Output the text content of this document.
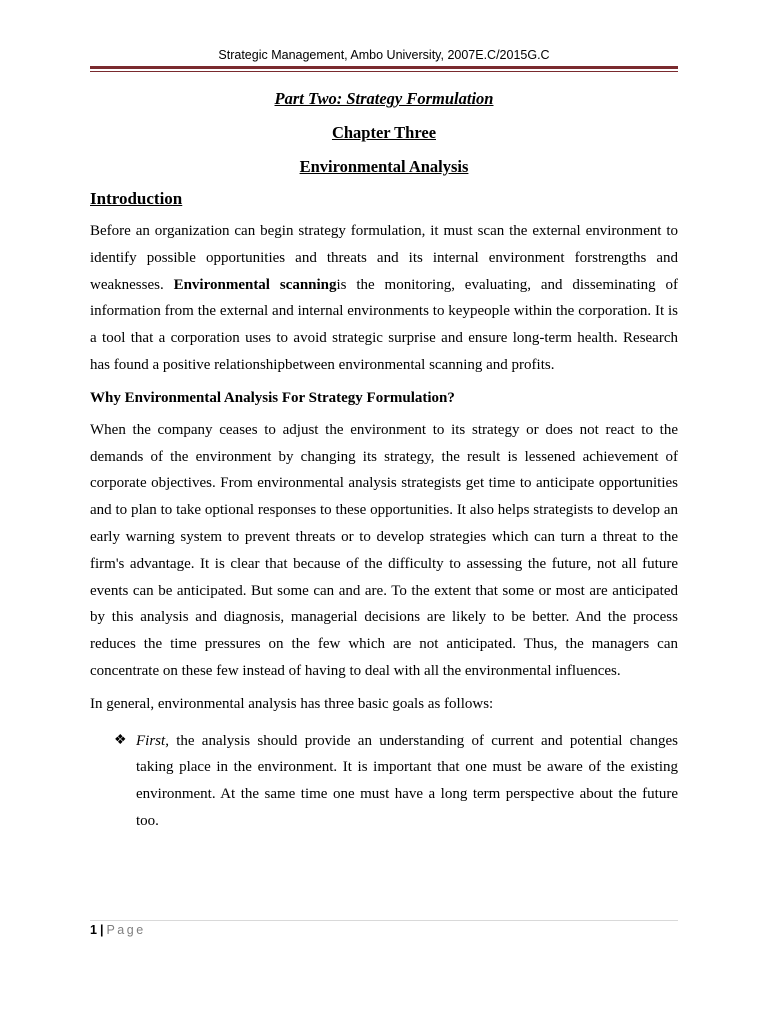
Strategic Management, Ambo University, 2007E.C/2015G.C
Part Two: Strategy Formulation
Chapter Three
Environmental Analysis
Introduction

Before an organization can begin strategy formulation, it must scan the external environment to identify possible opportunities and threats and its internal environment forstrengths and weaknesses. Environmental scanningis the monitoring, evaluating, and disseminating of information from the external and internal environments to keypeople within the corporation. It is a tool that a corporation uses to avoid strategic surprise and ensure long-term health. Research has found a positive relationshipbetween environmental scanning and profits.

Why Environmental Analysis For Strategy Formulation?

When the company ceases to adjust the environment to its strategy or does not react to the demands of the environment by changing its strategy, the result is lessened achievement of corporate objectives. From environmental analysis strategists get time to anticipate opportunities and to plan to take optional responses to these opportunities. It also helps strategists to develop an early warning system to prevent threats or to develop strategies which can turn a threat to the firm's advantage. It is clear that because of the difficulty to assessing the future, not all future events can be anticipated. But some can and are. To the extent that some or most are anticipated by this analysis and diagnosis, managerial decisions are likely to be better. And the process reduces the time pressures on the few which are not anticipated. Thus, the managers can concentrate on these few instead of having to deal with all the environmental influences.

In general, environmental analysis has three basic goals as follows:

❖ First, the analysis should provide an understanding of current and potential changes taking place in the environment. It is important that one must be aware of the existing environment. At the same time one must have a long term perspective about the future too.
1 | Page
